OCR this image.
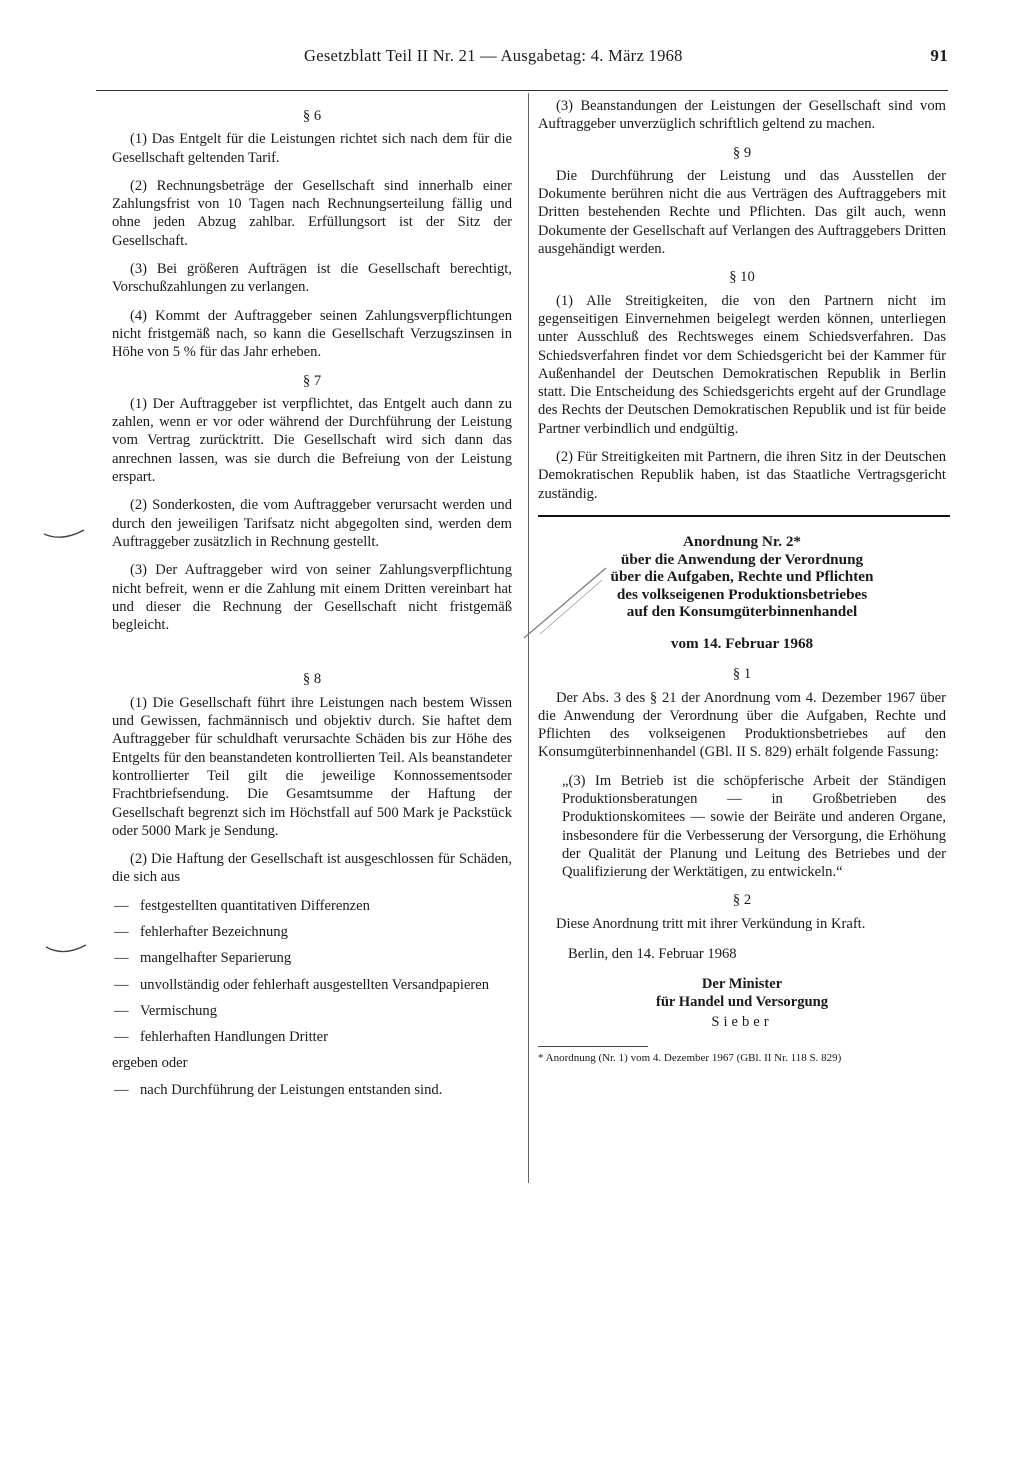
Gesetzblatt Teil II Nr. 21 — Ausgabetag: 4. März 1968	91
§ 6

(1) Das Entgelt für die Leistungen richtet sich nach dem für die Gesellschaft geltenden Tarif.

(2) Rechnungsbeträge der Gesellschaft sind innerhalb einer Zahlungsfrist von 10 Tagen nach Rechnungserteilung fällig und ohne jeden Abzug zahlbar. Erfüllungsort ist der Sitz der Gesellschaft.

(3) Bei größeren Aufträgen ist die Gesellschaft berechtigt, Vorschußzahlungen zu verlangen.

(4) Kommt der Auftraggeber seinen Zahlungsverpflichtungen nicht fristgemäß nach, so kann die Gesellschaft Verzugszinsen in Höhe von 5 % für das Jahr erheben.

§ 7

(1) Der Auftraggeber ist verpflichtet, das Entgelt auch dann zu zahlen, wenn er vor oder während der Durchführung der Leistung vom Vertrag zurücktritt. Die Gesellschaft wird sich dann das anrechnen lassen, was sie durch die Befreiung von der Leistung erspart.

(2) Sonderkosten, die vom Auftraggeber verursacht werden und durch den jeweiligen Tarifsatz nicht abgegolten sind, werden dem Auftraggeber zusätzlich in Rechnung gestellt.

(3) Der Auftraggeber wird von seiner Zahlungsverpflichtung nicht befreit, wenn er die Zahlung mit einem Dritten vereinbart hat und dieser die Rechnung der Gesellschaft nicht fristgemäß begleicht.

§ 8

(1) Die Gesellschaft führt ihre Leistungen nach bestem Wissen und Gewissen, fachmännisch und objektiv durch. Sie haftet dem Auftraggeber für schuldhaft verursachte Schäden bis zur Höhe des Entgelts für den beanstandeten kontrollierten Teil. Als beanstandeter kontrollierter Teil gilt die jeweilige Konnossementsoder Frachtbriefsendung. Die Gesamtsumme der Haftung der Gesellschaft begrenzt sich im Höchstfall auf 500 Mark je Packstück oder 5000 Mark je Sendung.

(2) Die Haftung der Gesellschaft ist ausgeschlossen für Schäden, die sich aus

— festgestellten quantitativen Differenzen
— fehlerhafter Bezeichnung
— mangelhafter Separierung
— unvollständig oder fehlerhaft ausgestellten Versandpapieren
— Vermischung
— fehlerhaften Handlungen Dritter
ergeben oder
— nach Durchführung der Leistungen entstanden sind.

(3) Beanstandungen der Leistungen der Gesellschaft sind vom Auftraggeber unverzüglich schriftlich geltend zu machen.

§ 9

Die Durchführung der Leistung und das Ausstellen der Dokumente berühren nicht die aus Verträgen des Auftraggebers mit Dritten bestehenden Rechte und Pflichten. Das gilt auch, wenn Dokumente der Gesellschaft auf Verlangen des Auftraggebers Dritten ausgehändigt werden.

§ 10

(1) Alle Streitigkeiten, die von den Partnern nicht im gegenseitigen Einvernehmen beigelegt werden können, unterliegen unter Ausschluß des Rechtsweges einem Schiedsverfahren. Das Schiedsverfahren findet vor dem Schiedsgericht bei der Kammer für Außenhandel der Deutschen Demokratischen Republik in Berlin statt. Die Entscheidung des Schiedsgerichts ergeht auf der Grundlage des Rechts der Deutschen Demokratischen Republik und ist für beide Partner verbindlich und endgültig.

(2) Für Streitigkeiten mit Partnern, die ihren Sitz in der Deutschen Demokratischen Republik haben, ist das Staatliche Vertragsgericht zuständig.

Anordnung Nr. 2*
über die Anwendung der Verordnung
über die Aufgaben, Rechte und Pflichten
des volkseigenen Produktionsbetriebes
auf den Konsumgüterbinnenhandel
vom 14. Februar 1968
§ 1

Der Abs. 3 des § 21 der Anordnung vom 4. Dezember 1967 über die Anwendung der Verordnung über die Aufgaben, Rechte und Pflichten des volkseigenen Produktionsbetriebes auf den Konsumgüterbinnenhandel (GBl. II S. 829) erhält folgende Fassung:

„(3) Im Betrieb ist die schöpferische Arbeit der Ständigen Produktionsberatungen — in Großbetrieben des Produktionskomitees — sowie der Beiräte und anderen Organe, insbesondere für die Verbesserung der Versorgung, die Erhöhung der Qualität der Planung und Leitung des Betriebes und der Qualifizierung der Werktätigen, zu entwickeln.“

§ 2

Diese Anordnung tritt mit ihrer Verkündung in Kraft.

Berlin, den 14. Februar 1968

Der Minister
für Handel und Versorgung
Sieber

* Anordnung (Nr. 1) vom 4. Dezember 1967 (GBl. II Nr. 118 S. 829)
